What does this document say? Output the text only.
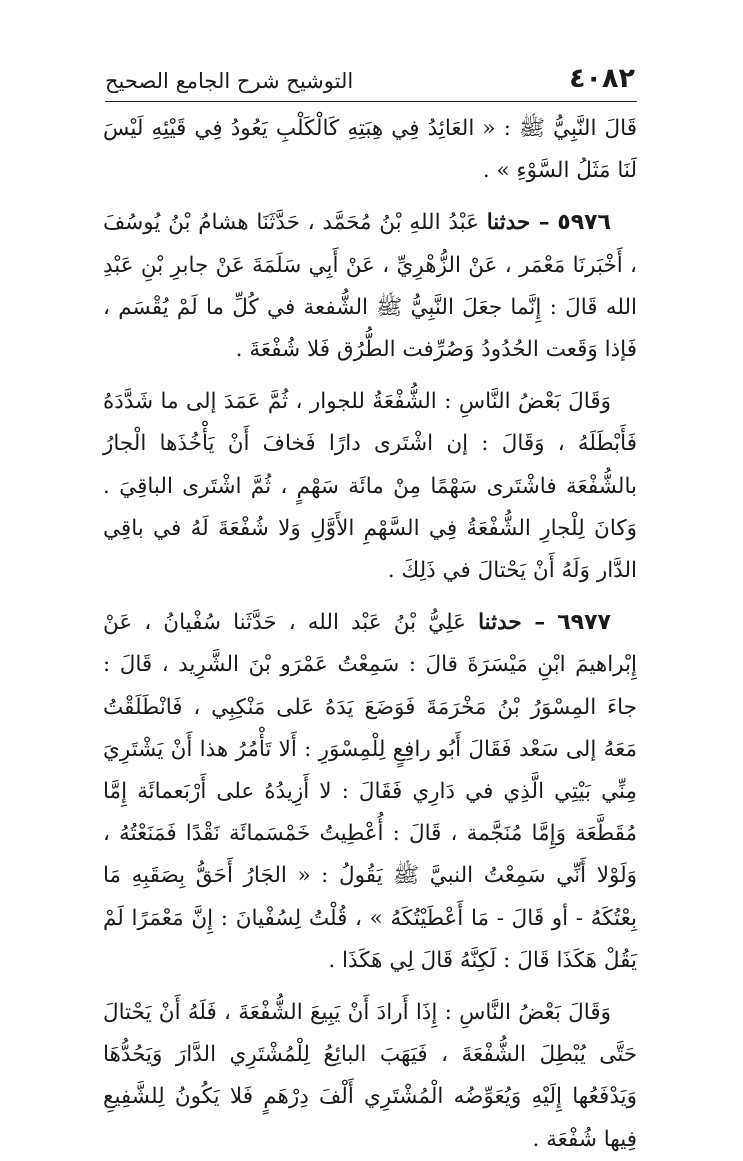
٤٠٨٢
التوشيح شرح الجامع الصحيح

قَالَ النَّبِيُّ ﷺ : « العَائِدُ فِي هِبَتِهِ كَالْكَلْبِ يَعُودُ فِي قَيْئِهِ لَيْسَ لَنَا مَثَلُ السَّوْءِ » .

٥٩٧٦ – حدثنا عَبْدُ اللهِ بْنُ مُحَمَّد ، حَدَّثَنَا هشامُ بْنُ يُوسُفَ ، أَخْبَرنَا مَعْمَر ، عَنْ الزُّهْرِيِّ ، عَنْ أَبِي سَلَمَةَ عَنْ جابرِ بْنِ عَبْدِ الله قَالَ : إِنَّما جعَلَ النَّبِيُّ ﷺ الشُّفعة في كُلِّ ما لَمْ يُقْسَم ، فَإذا وَقَعت الحُدُودُ وَصُرِّفت الطُّرُق فَلا شُفْعَةَ .

وَقَالَ بَعْضُ النَّاسِ : الشُّفْعَةُ للجوار ، ثُمَّ عَمَدَ إلى ما شَدَّدَهُ فَأَبْطَلَهُ ، وَقَالَ : إن اشْتَرى دارًا فَخافَ أَنْ يَأْخُذَها الْجارُ بالشُّفْعَة فاشْتَرى سَهْمًا مِنْ مائَة سَهْمٍ ، ثُمَّ اشْتَرى الباقِيَ . وَكانَ لِلْجارِ الشُّفْعَةُ فِي السَّهْمِ الأَوَّلِ وَلا شُفْعَةَ لَهُ في باقِي الدَّار وَلَهُ أَنْ يَحْتالَ في ذَلِكَ .

٦٩٧٧ – حدثنا عَلِيُّ بْنُ عَبْد الله ، حَدَّثَنا سُفْيانُ ، عَنْ إِبْراهيمَ ابْنِ مَيْسَرَةَ قالَ : سَمِعْتُ عَمْرَو بْنَ الشَّرِيد ، قَالَ : جاءَ المِسْوَرُ بْنُ مَخْرَمَةَ فَوَضَعَ يَدَهُ عَلى مَنْكِبِي ، فَانْطَلَقْتُ مَعَهُ إلى سَعْد فَقَالَ أَبُو رافِعٍ لِلْمِسْوَرِ : أَلا تَأْمُرُ هذا أَنْ يَشْتَرِيَ مِنِّي بَيْتِي الَّذِي في دَارِي فَقَالَ : لا أَزِيدُهُ على أَرْبَعمائَة إِمَّا مُقَطَّعَة وَإِمَّا مُنَجَّمة ، قَالَ : أُعْطِيتُ خَمْسَمائَة نَقْدًا فَمَنَعْتُهُ ، وَلَوْلا أَنِّي سَمِعْتُ النبيَّ ﷺ يَقُولُ : « الجَارُ أَحَقُّ بِصَقَبِهِ مَا بِعْتُكَهُ - أو قَالَ - مَا أَعْطَيْتُكَهُ » ، قُلْتُ لِسُفْيانَ : إِنَّ مَعْمَرًا لَمْ يَقُلْ هَكَذَا قَالَ : لَكِنَّهُ قَالَ لِي هَكَذَا .

وَقَالَ بَعْضُ النَّاسِ : إِذَا أَرادَ أَنْ يَبِيعَ الشُّفْعَةَ ، فَلَهُ أَنْ يَحْتالَ حَتَّى يُبْطِلَ الشُّفْعَةَ ، فَيَهَبَ البائِعُ لِلْمُشْتَرِي الدَّارَ وَيَحُدُّهَا وَيَدْفَعُها إِلَيْهِ وَيُعَوِّضُه الْمُشْتَرِي أَلْفَ دِرْهَمٍ فَلا يَكُونُ لِلشَّفِيعِ فِيها شُفْعَة .
